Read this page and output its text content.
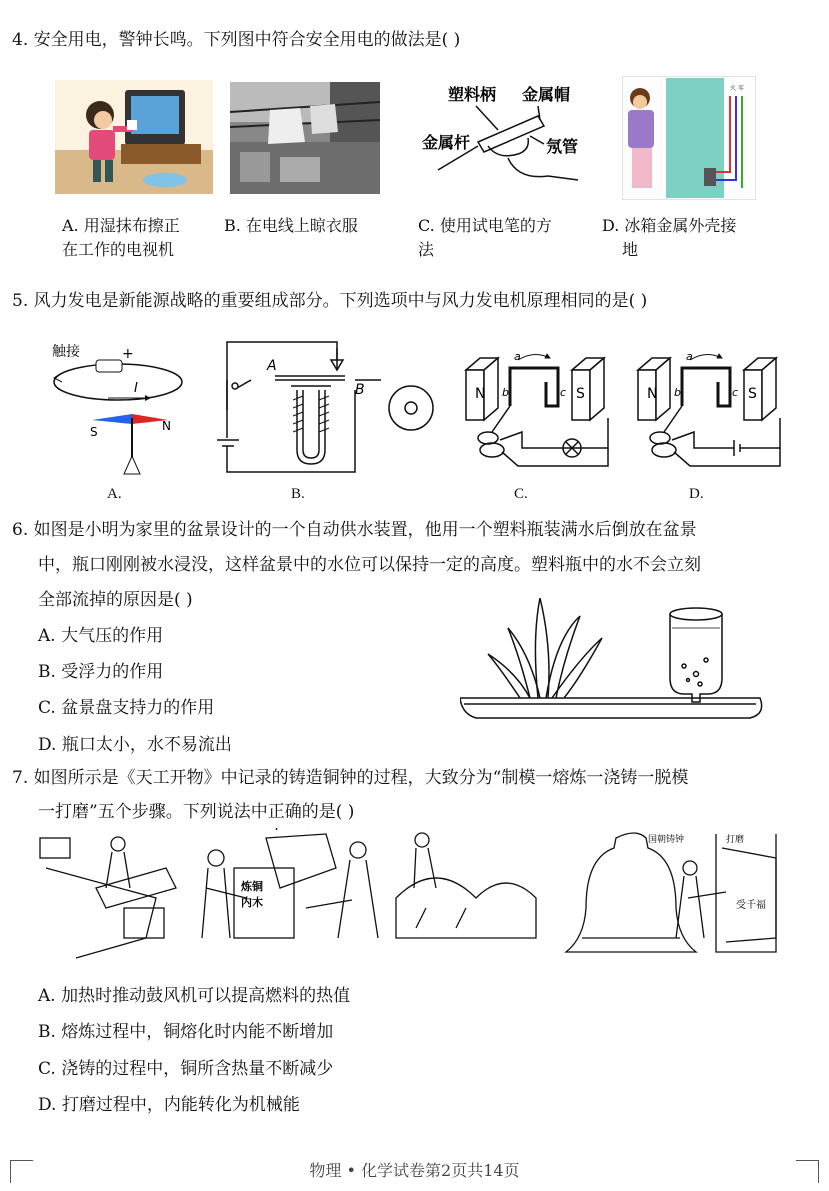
4. 安全用电，警钟长鸣。下列图中符合安全用电的做法是( )
塑料柄 金属帽
金属杆	氖管
火 零
A. 用湿抹布擦正
在工作的电视机
B. 在电线上晾衣服	C. 使用试电笔的方
法
D. 冰箱金属外壳接
地
5. 风力发电是新能源战略的重要组成部分。下列选项中与风力发电机原理相同的是( )
触接	+
I
S	N
A
B	N	S
a
b	c	N	S
a
b	c
A.	B.	C.	D.
6. 如图是小明为家里的盆景设计的一个自动供水装置，他用一个塑料瓶装满水后倒放在盆景
中，瓶口刚刚被水浸没，这样盆景中的水位可以保持一定的高度。塑料瓶中的水不会立刻
全部流掉的原因是( )
A. 大气压的作用
B. 受浮力的作用
C. 盆景盘支持力的作用
D. 瓶口太小，水不易流出
7. 如图所示是《天工开物》中记录的铸造铜钟的过程，大致分为“制模一熔炼一浇铸一脱模
一打磨”五个步骤。下列说法中正确的是( )
炼铜
内木
国朝铸钟	打磨
受千福
A. 加热时推动鼓风机可以提高燃料的热值
B. 熔炼过程中，铜熔化时内能不断增加
C. 浇铸的过程中，铜所含热量不断减少
D. 打磨过程中，内能转化为机械能
物理 • 化学试卷第2页共14页
